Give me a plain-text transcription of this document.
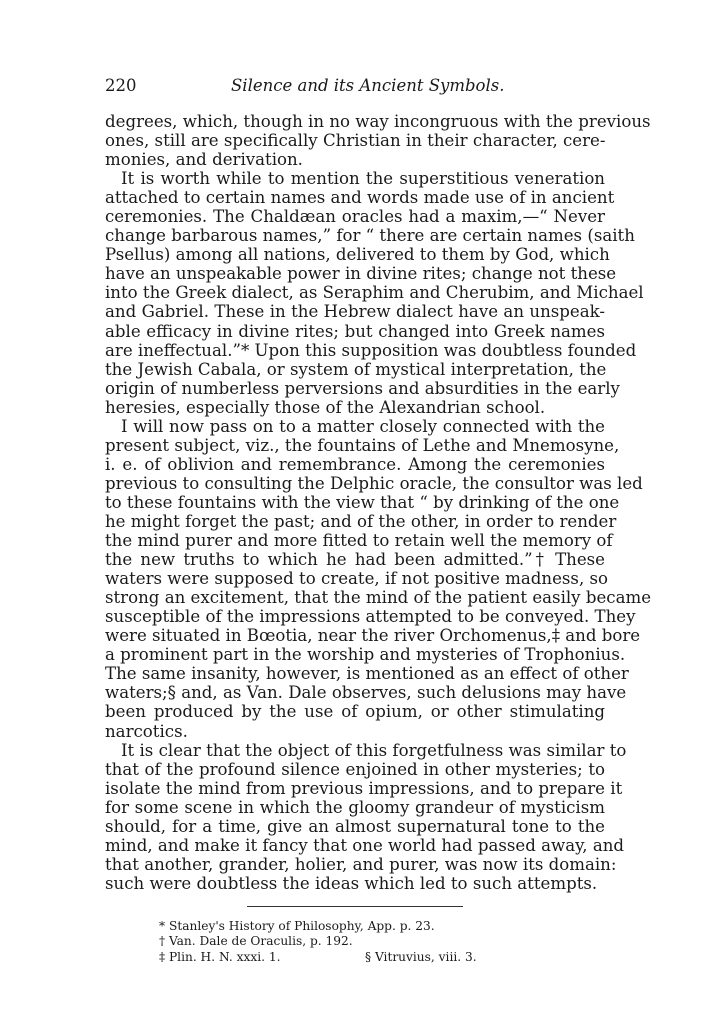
220	Silence and its Ancient Symbols.
degrees, which, though in no way incongruous with the previous
ones, still are specifically Christian in their character, cere-
monies, and derivation.
It is worth while to mention the superstitious veneration
attached to certain names and words made use of in ancient
ceremonies. The Chaldæan oracles had a maxim,—“ Never
change barbarous names,” for “ there are certain names (saith
Psellus) among all nations, delivered to them by God, which
have an unspeakable power in divine rites; change not these
into the Greek dialect, as Seraphim and Cherubim, and Michael
and Gabriel. These in the Hebrew dialect have an unspeak-
able efficacy in divine rites; but changed into Greek names
are ineffectual.”* Upon this supposition was doubtless founded
the Jewish Cabala, or system of mystical interpretation, the
origin of numberless perversions and absurdities in the early
heresies, especially those of the Alexandrian school.
I will now pass on to a matter closely connected with the
present subject, viz., the fountains of Lethe and Mnemosyne,
i. e. of oblivion and remembrance. Among the ceremonies
previous to consulting the Delphic oracle, the consultor was led
to these fountains with the view that “ by drinking of the one
he might forget the past; and of the other, in order to render
the mind purer and more fitted to retain well the memory of
the new truths to which he had been admitted.”† These
waters were supposed to create, if not positive madness, so
strong an excitement, that the mind of the patient easily became
susceptible of the impressions attempted to be conveyed. They
were situated in Bœotia, near the river Orchomenus,‡ and bore
a prominent part in the worship and mysteries of Trophonius.
The same insanity, however, is mentioned as an effect of other
waters;§ and, as Van. Dale observes, such delusions may have
been produced by the use of opium, or other stimulating
narcotics.
It is clear that the object of this forgetfulness was similar to
that of the profound silence enjoined in other mysteries; to
isolate the mind from previous impressions, and to prepare it
for some scene in which the gloomy grandeur of mysticism
should, for a time, give an almost supernatural tone to the
mind, and make it fancy that one world had passed away, and
that another, grander, holier, and purer, was now its domain:
such were doubtless the ideas which led to such attempts.
* Stanley's History of Philosophy, App. p. 23.
† Van. Dale de Oraculis, p. 192.
‡ Plin. H. N. xxxi. 1.	§ Vitruvius, viii. 3.
